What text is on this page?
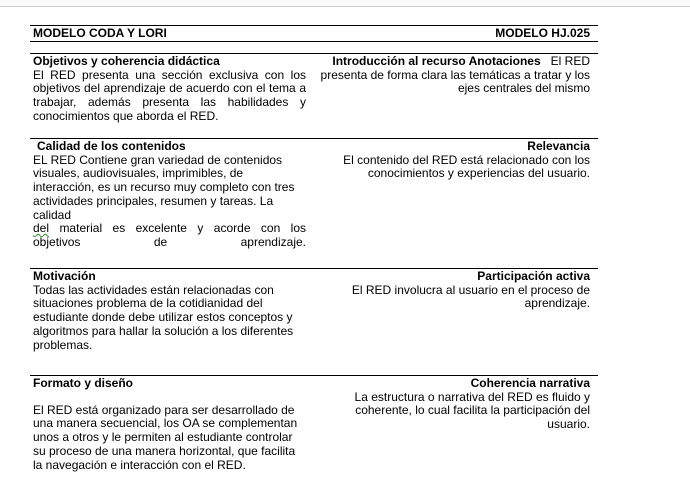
MODELO CODA Y LORI	MODELO HJ.025
Objetivos y coherencia didáctica
El RED presenta una sección exclusiva con los objetivos del aprendizaje de acuerdo con el tema a trabajar, además presenta las habilidades y conocimientos que aborda el RED.
Introducción al recurso Anotaciones El RED
presenta de forma clara las temáticas a tratar y los ejes centrales del mismo
Calidad de los contenidos
EL RED Contiene gran variedad de contenidos visuales, audiovisuales, imprimibles, de interacción, es un recurso muy completo con tres actividades principales, resumen y tareas. La calidad
del material es excelente y acorde con los objetivos de aprendizaje.
Relevancia
El contenido del RED está relacionado con los conocimientos y experiencias del usuario.
Motivación
Todas las actividades están relacionadas con situaciones problema de la cotidianidad del estudiante donde debe utilizar estos conceptos y algoritmos para hallar la solución a los diferentes problemas.
Participación activa
El RED involucra al usuario en el proceso de aprendizaje.
Formato y diseño
El RED está organizado para ser desarrollado de una manera secuencial, los OA se complementan unos a otros y le permiten al estudiante controlar su proceso de una manera horizontal, que facilita la navegación e interacción con el RED.
Coherencia narrativa
La estructura o narrativa del RED es fluido y coherente, lo cual facilita la participación del usuario.
